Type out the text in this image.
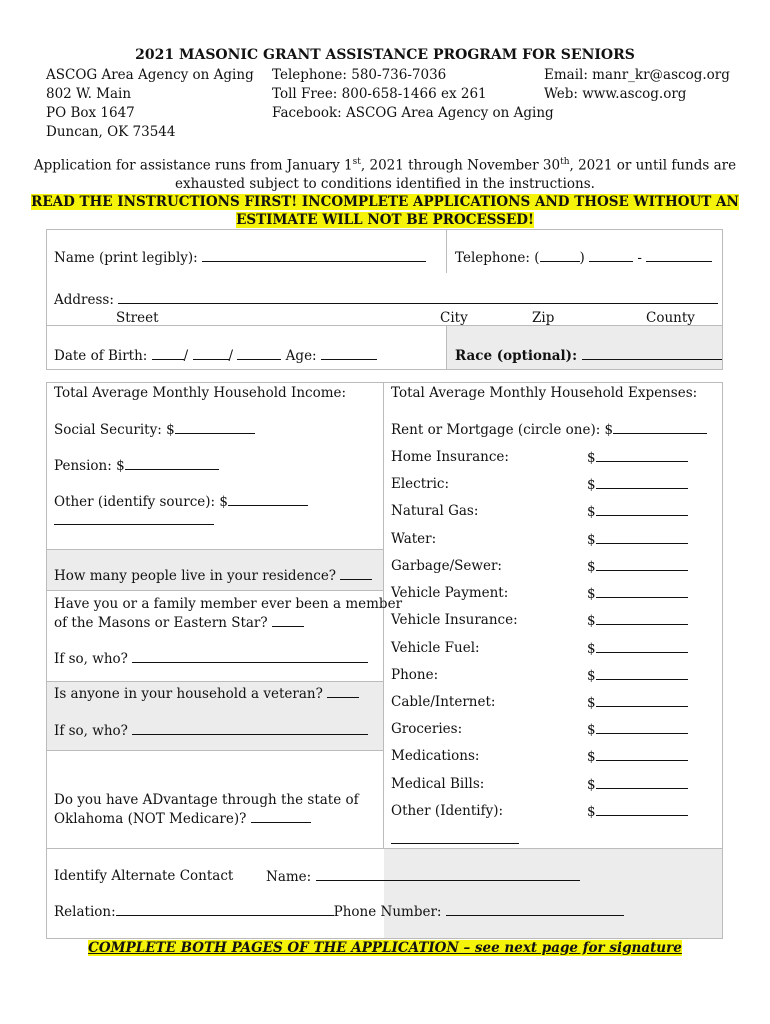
2021 MASONIC GRANT ASSISTANCE PROGRAM FOR SENIORS
ASCOG Area Agency on Aging
802 W. Main
PO Box 1647
Duncan, OK 73544
Telephone: 580-736-7036
Toll Free: 800-658-1466 ex 261
Facebook: ASCOG Area Agency on Aging
Email: manr_kr@ascog.org
Web: www.ascog.org
Application for assistance runs from January 1st, 2021 through November 30th, 2021 or until funds are
exhausted subject to conditions identified in the instructions.
READ THE INSTRUCTIONS FIRST! INCOMPLETE APPLICATIONS AND THOSE WITHOUT AN
ESTIMATE WILL NOT BE PROCESSED!
Name (print legibly):	Telephone: (	)	-
Address:
Street	City	Zip	County
Date of Birth:	/	/	Age:	Race (optional):
Total Average Monthly Household Income:
Social Security: $
Pension: $
Other (identify source): $
How many people live in your residence?
Have you or a family member ever been a member
of the Masons or Eastern Star?
If so, who?
Is anyone in your household a veteran?
If so, who?
Do you have ADvantage through the state of
Oklahoma (NOT Medicare)?
Total Average Monthly Household Expenses:
Rent or Mortgage (circle one): $
Home Insurance:	$
Electric:	$
Natural Gas:	$
Water:	$
Garbage/Sewer:	$
Vehicle Payment:	$
Vehicle Insurance:	$
Vehicle Fuel:	$
Phone:	$
Cable/Internet:	$
Groceries:	$
Medications:	$
Medical Bills:	$
Other (Identify):	$
Identify Alternate Contact Name:
Relation:	Phone Number:
COMPLETE BOTH PAGES OF THE APPLICATION – see next page for signature
